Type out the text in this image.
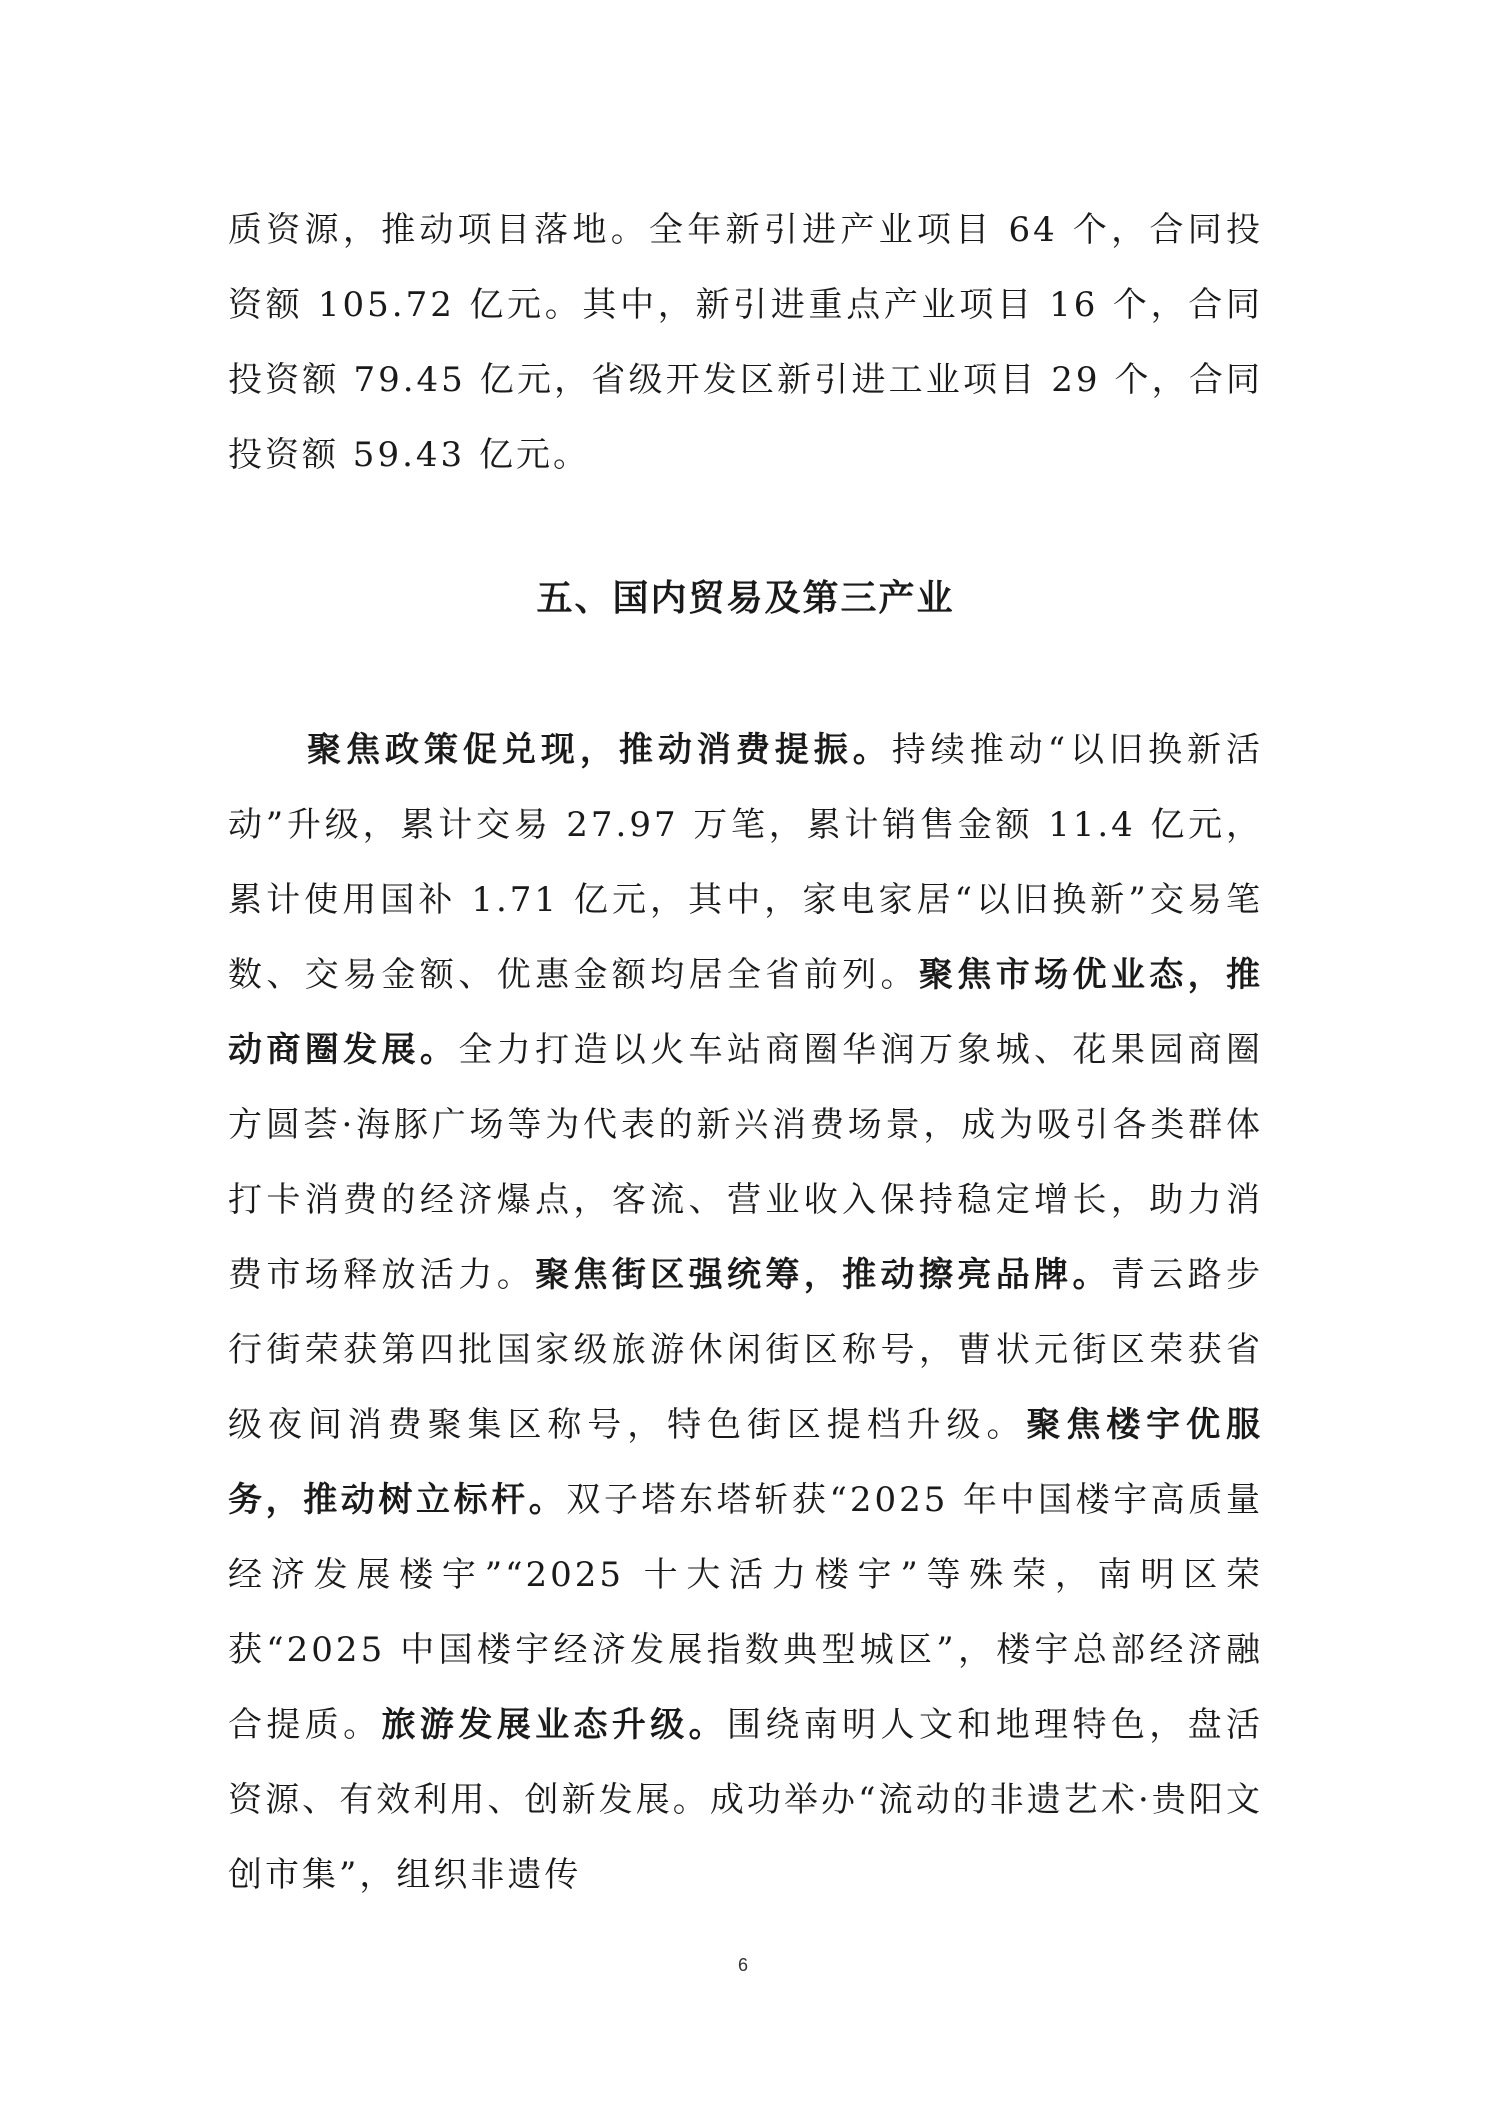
质资源，推动项目落地。全年新引进产业项目 64 个，合同投资额 105.72 亿元。其中，新引进重点产业项目 16 个，合同投资额 79.45 亿元，省级开发区新引进工业项目 29 个，合同投资额 59.43 亿元。

五、国内贸易及第三产业

聚焦政策促兑现，推动消费提振。持续推动“以旧换新活动”升级，累计交易 27.97 万笔，累计销售金额 11.4 亿元，累计使用国补 1.71 亿元，其中，家电家居“以旧换新”交易笔数、交易金额、优惠金额均居全省前列。聚焦市场优业态，推动商圈发展。全力打造以火车站商圈华润万象城、花果园商圈方圆荟·海豚广场等为代表的新兴消费场景，成为吸引各类群体打卡消费的经济爆点，客流、营业收入保持稳定增长，助力消费市场释放活力。聚焦街区强统筹，推动擦亮品牌。青云路步行街荣获第四批国家级旅游休闲街区称号，曹状元街区荣获省级夜间消费聚集区称号，特色街区提档升级。聚焦楼宇优服务，推动树立标杆。双子塔东塔斩获“2025 年中国楼宇高质量经济发展楼宇”“2025 十大活力楼宇”等殊荣，南明区荣获“2025 中国楼宇经济发展指数典型城区”，楼宇总部经济融合提质。旅游发展业态升级。围绕南明人文和地理特色，盘活资源、有效利用、创新发展。成功举办“流动的非遗艺术·贵阳文创市集”，组织非遗传

6
